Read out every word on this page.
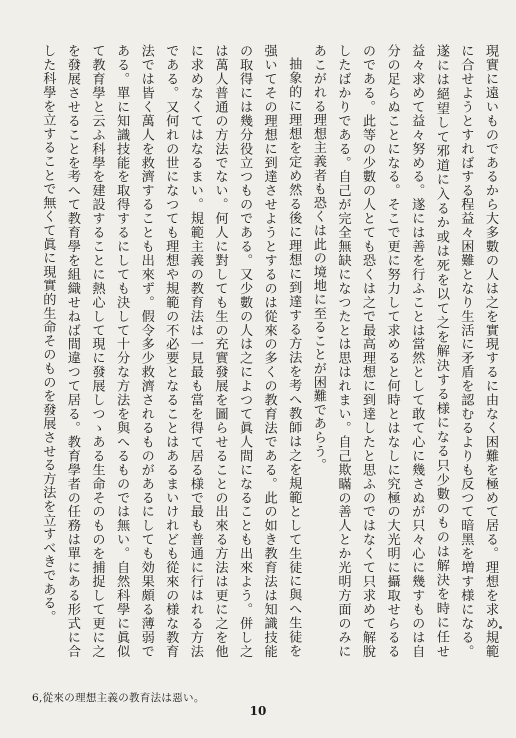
現實に遠いものであるから大多數の人は之を實現するに由なく困難を極めて居る。理想を求め規範に合せようとすればする程益々困難となり生活に矛盾を認むるよりも反つて暗黑を増す様になる。遂には絕望して邪道に入るか或は死を以て之を解決する様になる只少數のものは解決を時に任せ益々求めて益々努める。遂には善を行ふことは當然として敢て心に幾さぬが只々心に幾すものは自分の足らぬことになる。そこで更に努力して求めると何時とはなしに究極の大光明に攝取せらるるのである。此等の少數の人とても恐くは之で最高理想に到達したと思ふのではなくて只求めて解脫したばかりである。自己が完全無缺になつたとは思はれまい。自己欺瞞の善人とか光明方面のみにあこがれる理想主義者も恐くは此の境地に至ることが困難であらう。

抽象的に理想を定め然る後に理想に到達する方法を考へ教師は之を規範として生徒に與へ生徒を强いてその理想に到達させようとするのは從來の多くの教育法である。此の如き教育法は知識技能の取得には幾分役立つものである。又少數の人は之によつて眞人間になることも出來よう。併し之は萬人普通の方法でない。何人に對しても生の充實發展を圖らせることの出來る方法は更に之を他に求めなくてはなるまい。規範主義の教育法は一見最も當を得て居る様で最も普通に行はれる方法である。又何れの世になつても理想や規範の不必要となることはあるまいけれども從來の様な教育法では皆く萬人を救濟することも出來ず。假令多少救濟されるものがあるにしても効果頗る薄弱である。單に知識技能を取得するにしても決して十分な方法を與へるものでは無い。自然科學に眞似て教育學と云ふ科學を建設することに熱心して現に發展しつゝある生命そのものを捕捉して更に之を發展させることを考へて教育學を組織せねば間違つて居る。教育學者の任務は單にある形式に合した科學を立することで無くて眞に現實的生命そのものを發展させる方法を立すべきである。

6,從來の理想主義の教育法は惡い。
10
